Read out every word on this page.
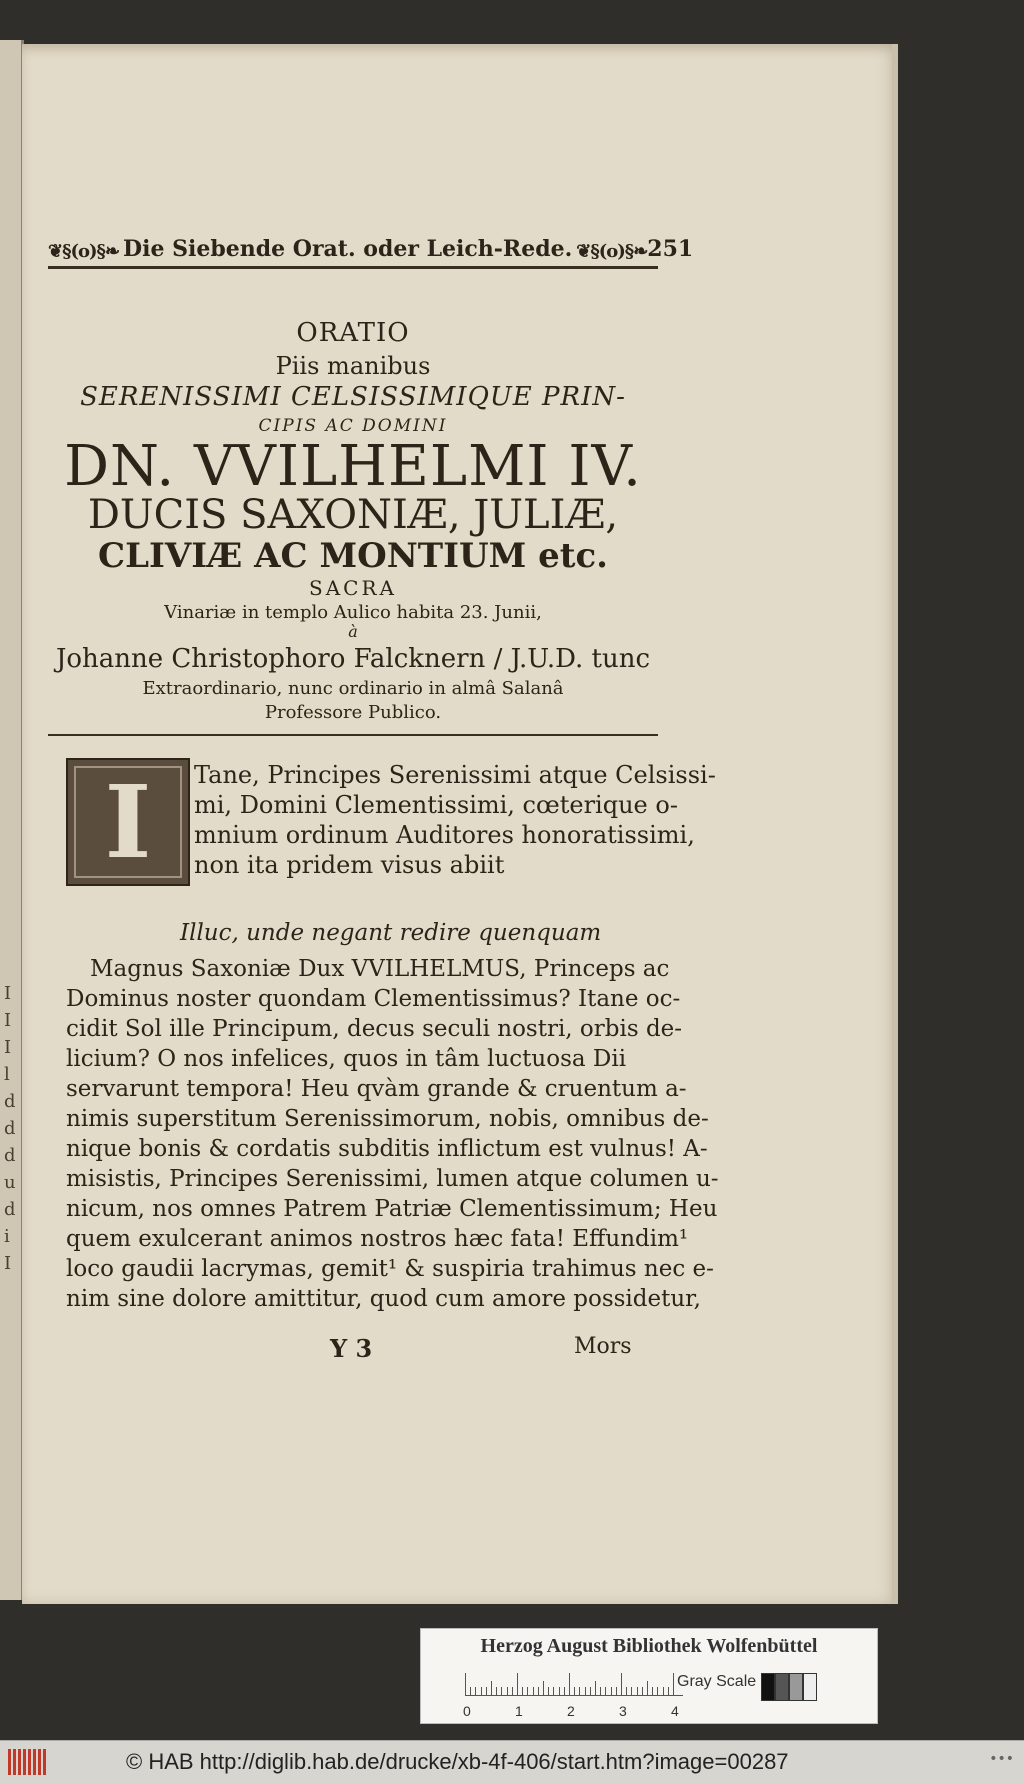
I
I
I
l
d
d
d
u
d
i
I
❦§(o)§❧ Die Siebende Orat. oder Leich-Rede. ❦§(o)§❧ 251
ORATIO
Piis manibus
SERENISSIMI CELSISSIMIQUE PRIN-
CIPIS AC DOMINI
DN. VVILHELMI IV.
DUCIS SAXONIÆ, JULIÆ,
CLIVIÆ AC MONTIUM etc.
SACRA
Vinariæ in templo Aulico habita 23. Junii,
à
Johanne Christophoro Falcknern / J.U.D. tunc
Extraordinario, nunc ordinario in almâ Salanâ
Professore Publico.
I Tane, Principes Serenissimi atque Celsissi-
mi, Domini Clementissimi, cœterique o-
mnium ordinum Auditores honoratissimi,
non ita pridem visus abiit
Illuc, unde negant redire quenquam
Magnus Saxoniæ Dux VVILHELMUS, Princeps ac
Dominus noster quondam Clementissimus? Itane oc-
cidit Sol ille Principum, decus seculi nostri, orbis de-
licium? O nos infelices, quos in tâm luctuosa Dii
servarunt tempora! Heu qvàm grande & cruentum a-
nimis superstitum Serenissimorum, nobis, omnibus de-
nique bonis & cordatis subditis inflictum est vulnus! A-
misistis, Principes Serenissimi, lumen atque columen u-
nicum, nos omnes Patrem Patriæ Clementissimum; Heu
quem exulcerant animos nostros hæc fata! Effundim¹
loco gaudii lacrymas, gemit¹ & suspiria trahimus nec e-
nim sine dolore amittitur, quod cum amore possidetur,
Y 3	Mors
Herzog August Bibliothek Wolfenbüttel
0	1	2	3	4
Gray Scale
© HAB http://diglib.hab.de/drucke/xb-4f-406/start.htm?image=00287	•••
